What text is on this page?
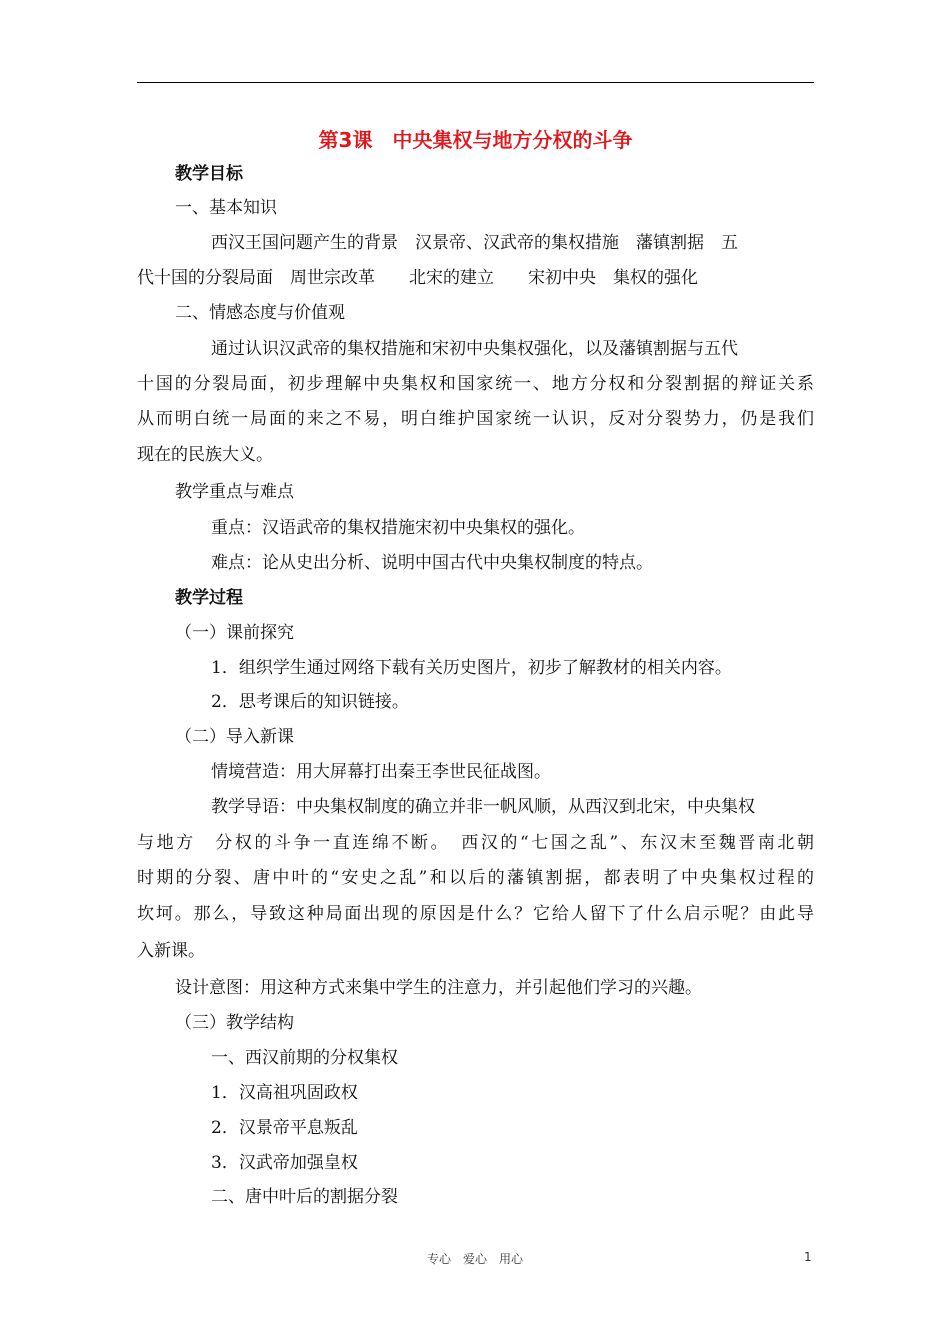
第3课　中央集权与地方分权的斗争
教学目标
一、基本知识
西汉王国问题产生的背景　汉景帝、汉武帝的集权措施　藩镇割据　五
代十国的分裂局面　周世宗改革　　北宋的建立　　宋初中央　集权的强化
二、情感态度与价值观
通过认识汉武帝的集权措施和宋初中央集权强化，以及藩镇割据与五代
十国的分裂局面，初步理解中央集权和国家统一、地方分权和分裂割据的辩证关系
从而明白统一局面的来之不易，明白维护国家统一认识，反对分裂势力，仍是我们
现在的民族大义。
教学重点与难点
重点：汉语武帝的集权措施宋初中央集权的强化。
难点：论从史出分析、说明中国古代中央集权制度的特点。
教学过程
（一）课前探究
1．组织学生通过网络下载有关历史图片，初步了解教材的相关内容。
2．思考课后的知识链接。
（二）导入新课
情境营造：用大屏幕打出秦王李世民征战图。
教学导语：中央集权制度的确立并非一帆风顺，从西汉到北宋，中央集权
与地方　分权的斗争一直连绵不断。　西汉的“七国之乱”、东汉末至魏晋南北朝
时期的分裂、唐中叶的“安史之乱”和以后的藩镇割据，都表明了中央集权过程的
坎坷。那么，导致这种局面出现的原因是什么？它给人留下了什么启示呢？由此导
入新课。
设计意图：用这种方式来集中学生的注意力，并引起他们学习的兴趣。
（三）教学结构
一、西汉前期的分权集权
1．汉高祖巩固政权
2．汉景帝平息叛乱
3．汉武帝加强皇权
二、唐中叶后的割据分裂
专心　爱心　用心	1
